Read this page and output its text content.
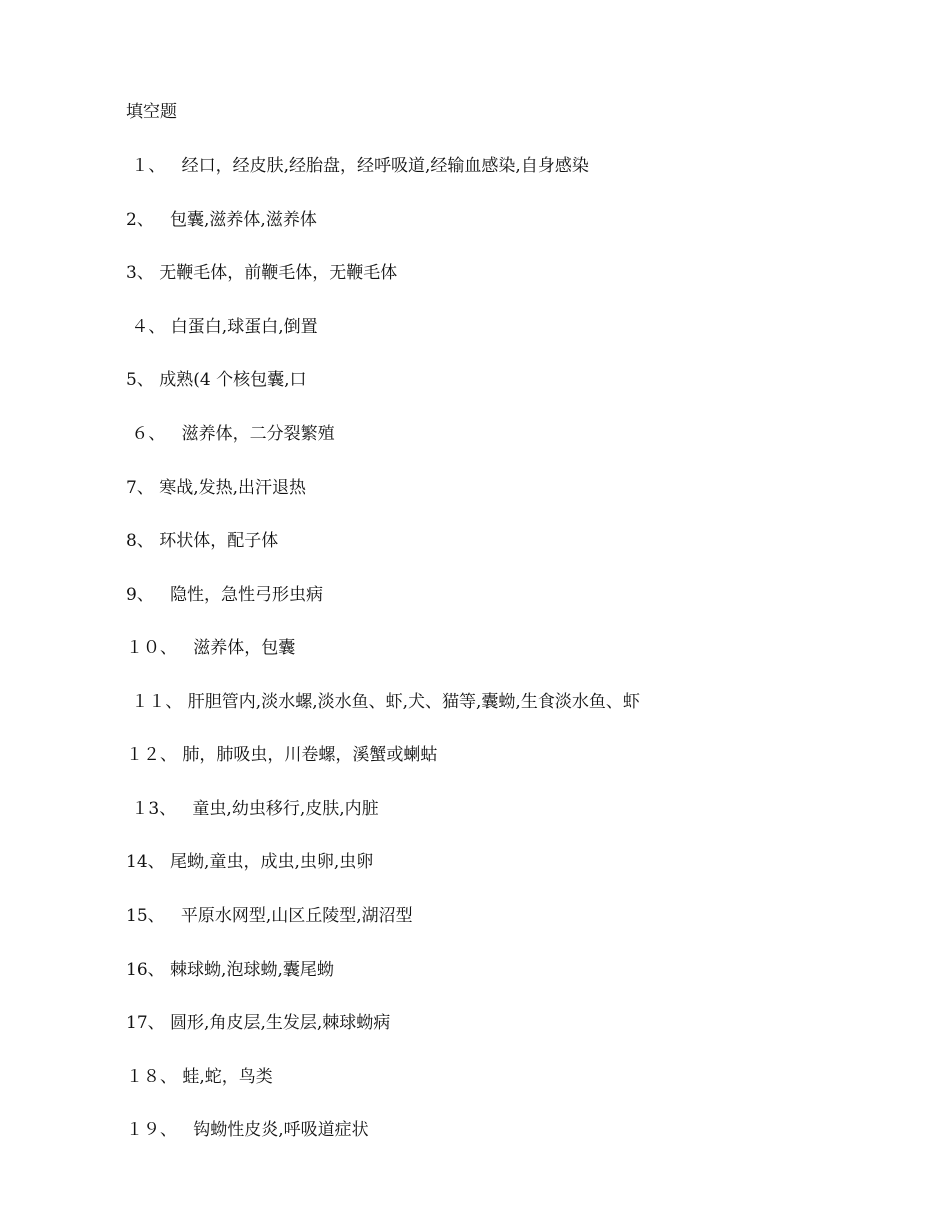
填空题
１、   经口，经皮肤,经胎盘，经呼吸道,经输血感染,自身感染
2、   包囊,滋养体,滋养体
3、 无鞭毛体，前鞭毛体，无鞭毛体
４、 白蛋白,球蛋白,倒置
5、 成熟(4 个核包囊,口
６、   滋养体，二分裂繁殖
7、 寒战,发热,出汗退热
8、 环状体，配子体
9、   隐性，急性弓形虫病
１０、   滋养体，包囊
１１、 肝胆管内,淡水螺,淡水鱼、虾,犬、猫等,囊蚴,生食淡水鱼、虾
１２、 肺，肺吸虫，川卷螺，溪蟹或蝲蛄
１3、   童虫,幼虫移行,皮肤,内脏
14、 尾蚴,童虫，成虫,虫卵,虫卵
15、   平原水网型,山区丘陵型,湖沼型
16、 棘球蚴,泡球蚴,囊尾蚴
17、 圆形,角皮层,生发层,棘球蚴病
１８、 蛙,蛇，鸟类
１９、   钩蚴性皮炎,呼吸道症状
